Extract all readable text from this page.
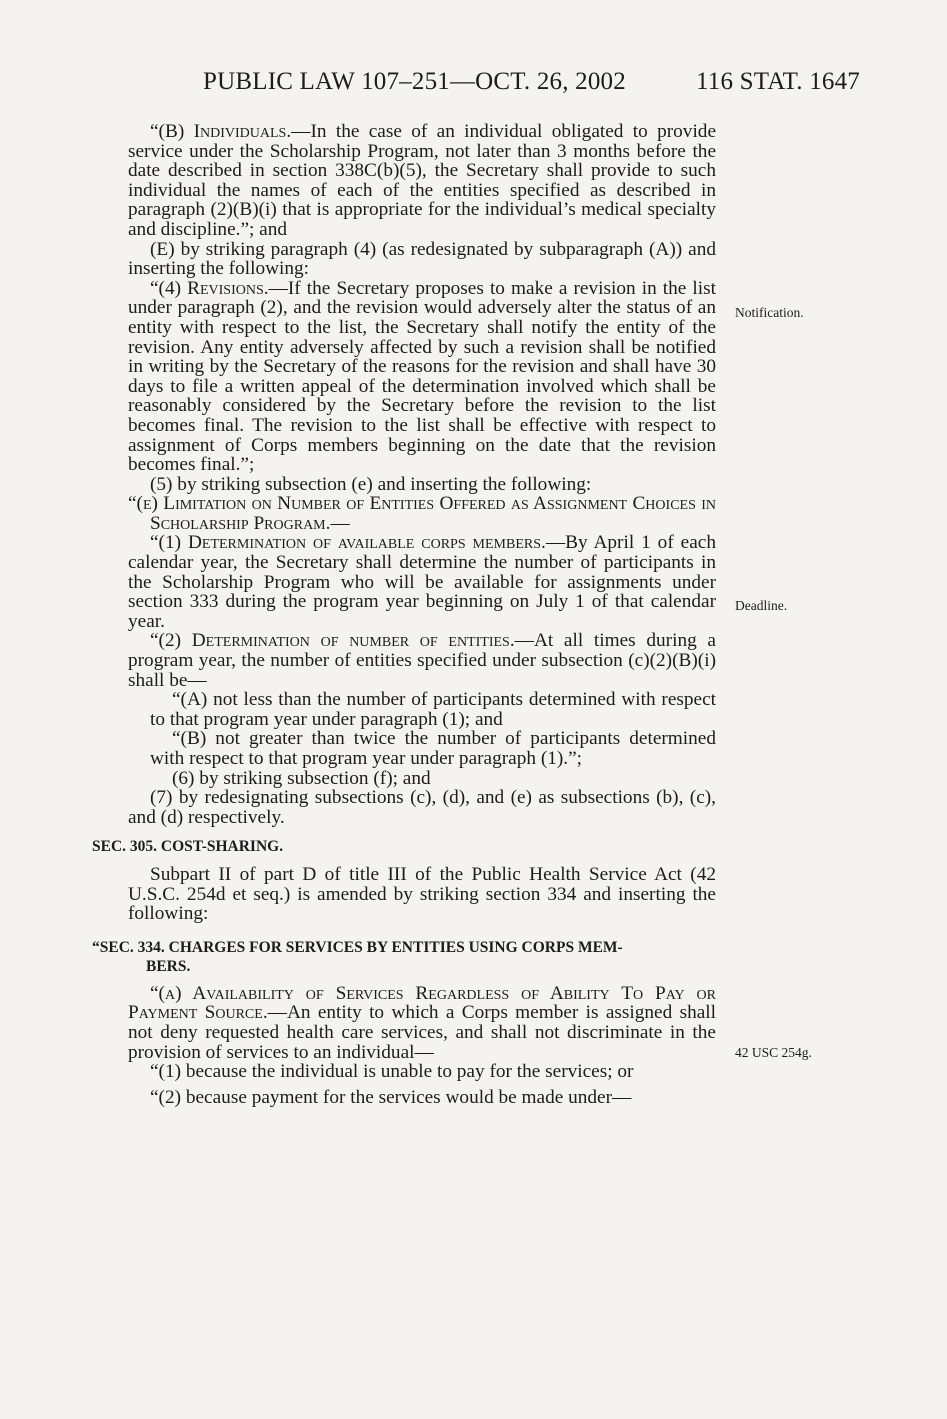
PUBLIC LAW 107–251—OCT. 26, 2002	116 STAT. 1647
Notification.
Deadline.
42 USC 254g.

“(B) Individuals.—In the case of an individual obligated to provide service under the Scholarship Program, not later than 3 months before the date described in section 338C(b)(5), the Secretary shall provide to such individual the names of each of the entities specified as described in paragraph (2)(B)(i) that is appropriate for the individual’s medical specialty and discipline.”; and

(E) by striking paragraph (4) (as redesignated by subparagraph (A)) and inserting the following:

“(4) Revisions.—If the Secretary proposes to make a revision in the list under paragraph (2), and the revision would adversely alter the status of an entity with respect to the list, the Secretary shall notify the entity of the revision. Any entity adversely affected by such a revision shall be notified in writing by the Secretary of the reasons for the revision and shall have 30 days to file a written appeal of the determination involved which shall be reasonably considered by the Secretary before the revision to the list becomes final. The revision to the list shall be effective with respect to assignment of Corps members beginning on the date that the revision becomes final.”;

(5) by striking subsection (e) and inserting the following:

“(e) Limitation on Number of Entities Offered as Assignment Choices in Scholarship Program.—

“(1) Determination of available corps members.—By April 1 of each calendar year, the Secretary shall determine the number of participants in the Scholarship Program who will be available for assignments under section 333 during the program year beginning on July 1 of that calendar year.

“(2) Determination of number of entities.—At all times during a program year, the number of entities specified under subsection (c)(2)(B)(i) shall be—

“(A) not less than the number of participants determined with respect to that program year under paragraph (1); and

“(B) not greater than twice the number of participants determined with respect to that program year under paragraph (1).”;

(6) by striking subsection (f); and

(7) by redesignating subsections (c), (d), and (e) as subsections (b), (c), and (d) respectively.

SEC. 305. COST-SHARING.

Subpart II of part D of title III of the Public Health Service Act (42 U.S.C. 254d et seq.) is amended by striking section 334 and inserting the following:

“SEC. 334. CHARGES FOR SERVICES BY ENTITIES USING CORPS MEM-
BERS.

“(a) Availability of Services Regardless of Ability To Pay or Payment Source.—An entity to which a Corps member is assigned shall not deny requested health care services, and shall not discriminate in the provision of services to an individual—

“(1) because the individual is unable to pay for the services; or

“(2) because payment for the services would be made under—
